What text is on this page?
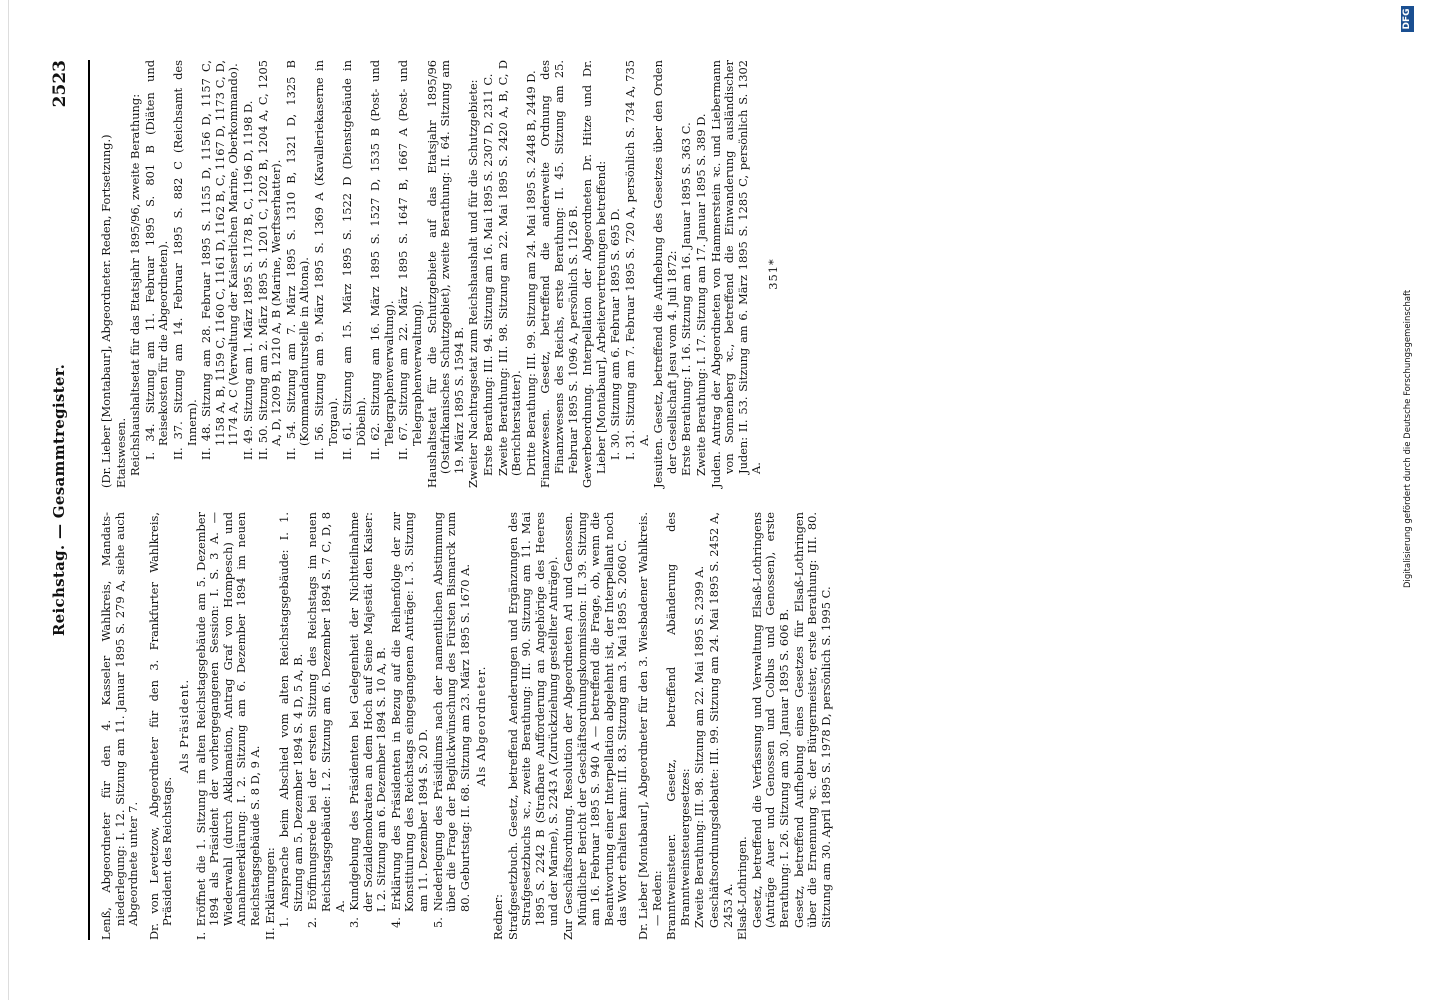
Reichstag. — Gesammtregister.
2523
Lenß, Abgeordneter für den 4. Kasseler Wahlkreis, Mandats-niederlegung: I. 12. Sitzung am 11. Januar 1895 S. 279 A, siehe auch Abgeordnete unter 7. Dr. von Levetzow, Abgeordneter für den 3. Frankfurter Wahlkreis, Präsident des Reichstags.
Als Präsident. I. Eröffnet die 1. Sitzung im alten Reichstagsgebäude am 5. Dezember 1894 als Präsident der vorhergegangenen Session: I. S. 3 A. — Wiederwahl (durch Akklamation, Antrag Graf von Hompesch) und Annahmeerklärung: I. 2. Sitzung am 6. Dezember 1894 im neuen Reichstagsgebäude S. 8 D, 9 A. II. Erklärungen: 1. Ansprache beim Abschied vom alten Reichstagsgebäude: I. 1. Sitzung am 5. Dezember 1894 S. 4 D, 5 A, B. 2. Eröffnungsrede bei der ersten Sitzung des Reichstags im neuen Reichstagsgebäude: I. 2. Sitzung am 6. Dezember 1894 S. 7 C, D, 8 A. 3. Kundgebung des Präsidenten bei Gelegenheit der Nichtteilnahme der Sozialdemokraten an dem Hoch auf Seine Majestät den Kaiser: I. 2. Sitzung am 6. Dezember 1894 S. 10 A, B. 4. Erklärung des Präsidenten in Bezug auf die Reihenfolge der zur Konstituirung des Reichstags eingegangenen Anträge: I. 3. Sitzung am 11. Dezember 1894 S. 20 D. 5. Niederlegung des Präsidiums nach der namentlichen Abstimmung über die Frage der Beglückwünschung des Fürsten Bismarck zum 80. Geburtstag: II. 68. Sitzung am 23. März 1895 S. 1670 A. Als Abgeordneter.
Redner: Strafgesetzbuch. Gesetz, betreffend Aenderungen und Ergänzungen des Strafgesetzbuchs ꝛc., zweite Berathung: III. 90. Sitzung am 11. Mai 1895 S. 2242 B (Strafbare Aufforderung an Angehörige des Heeres und der Marine), S. 2243 A (Zurückziehung gestellter Anträge). Zur Geschäftsordnung. Resolution der Abgeordneten Arl und Genossen. Mündlicher Bericht der Geschäftsordnungskommission: II. 39. Sitzung am 16. Februar 1895 S. 940 A — betreffend die Frage, ob, wenn die Beantwortung einer Interpellation abgelehnt ist, der Interpellant noch das Wort erhalten kann: III. 83. Sitzung am 3. Mai 1895 S. 2060 C. Dr. Lieber [Montabaur], Abgeordneter für den 3. Wiesbadener Wahlkreis. — Reden: Branntweinsteuer. Gesetz, betreffend Abänderung des Branntweinsteuergesetzes: Zweite Berathung: III. 98. Sitzung am 22. Mai 1895 S. 2399 A. Geschäftsordnungsdebatte: III. 99. Sitzung am 24. Mai 1895 S. 2452 A, 2453 A. Elsaß-Lothringen. Gesetz, betreffend die Verfassung und Verwaltung Elsaß-Lothringens (Anträge Auer und Genossen und Colbus und Genossen), erste Berathung: I. 26. Sitzung am 30. Januar 1895 S. 606 B. Gesetz, betreffend Aufhebung eines Gesetzes für Elsaß-Lothringen über die Ernennung ꝛc. der Bürgermeister, erste Berathung: III. 80. Sitzung am 30. April 1895 S. 1978 D, persönlich S. 1995 C.
(Dr. Lieber [Montabaur], Abgeordneter. Reden, Fortsetzung.) Etatswesen. Reichshaushaltsetat für das Etatsjahr 1895/96, zweite Berathung: I. 34. Sitzung am 11. Februar 1895 S. 801 B (Diäten und Reisekosten für die Abgeordneten). II. 37. Sitzung am 14. Februar 1895 S. 882 C (Reichsamt des Innern). II. 48. Sitzung am 28. Februar 1895 S. 1155 D, 1156 D, 1157 C, 1158 A, B, 1159 C, 1160 C, 1161 D, 1162 B, C, 1167 D, 1173 C, D, 1174 A, C (Verwaltung der Kaiserlichen Marine, Oberkommando). II. 49. Sitzung am 1. März 1895 S. 1178 B, C, 1196 D, 1198 D. II. 50. Sitzung am 2. März 1895 S. 1201 C, 1202 B, 1204 A, C, 1205 A, D, 1209 B, 1210 A, B (Marine, Werftserhatter). II. 54. Sitzung am 7. März 1895 S. 1310 B, 1321 D, 1325 B (Kommandanturstelle in Altona). II. 56. Sitzung am 9. März 1895 S. 1369 A (Kavalleriekaserne in Torgau). II. 61. Sitzung am 15. März 1895 S. 1522 D (Dienstgebäude in Döbeln). II. 62. Sitzung am 16. März 1895 S. 1527 D, 1535 B (Post- und Telegraphenverwaltung). II. 67. Sitzung am 22. März 1895 S. 1647 B, 1667 A (Post- und Telegraphenverwaltung). Haushaltsetat für die Schutzgebiete auf das Etatsjahr 1895/96 (Ostafrikanisches Schutzgebiet), zweite Berathung: II. 64. Sitzung am 19. März 1895 S. 1594 B. Zweiter Nachtragsetat zum Reichshaushalt und für die Schutzgebiete: Erste Berathung: III. 94. Sitzung am 16. Mai 1895 S. 2307 D, 2311 C. Zweite Berathung: III. 98. Sitzung am 22. Mai 1895 S. 2420 A, B, C, D (Berichterstatter). Dritte Berathung: III. 99. Sitzung am 24. Mai 1895 S. 2448 B, 2449 D. Finanzwesen. Gesetz, betreffend die anderweite Ordnung des Finanzwesens des Reichs, erste Berathung: II. 45. Sitzung am 25. Februar 1895 S. 1096 A, persönlich S. 1126 B. Gewerbeordnung. Interpellation der Abgeordneten Dr. Hitze und Dr. Lieber [Montabaur], Arbeitervertretungen betreffend: I. 30. Sitzung am 6. Februar 1895 S. 695 D. I. 31. Sitzung am 7. Februar 1895 S. 720 A, persönlich S. 734 A, 735 A. Jesuiten. Gesetz, betreffend die Aufhebung des Gesetzes über den Orden der Gesellschaft Jesu vom 4. Juli 1872: Erste Berathung: I. 16. Sitzung am 16. Januar 1895 S. 363 C. Zweite Berathung: I. 17. Sitzung am 17. Januar 1895 S. 389 D. Juden. Antrag der Abgeordneten von Hammerstein ꝛc. und Liebermann von Sonnenberg ꝛc., betreffend die Einwanderung ausländischer Juden: II. 53. Sitzung am 6. März 1895 S. 1285 C, persönlich S. 1302 A.
351*
Digitalisierung gefördert durch die Deutsche Forschungsgemeinschaft
DFG
